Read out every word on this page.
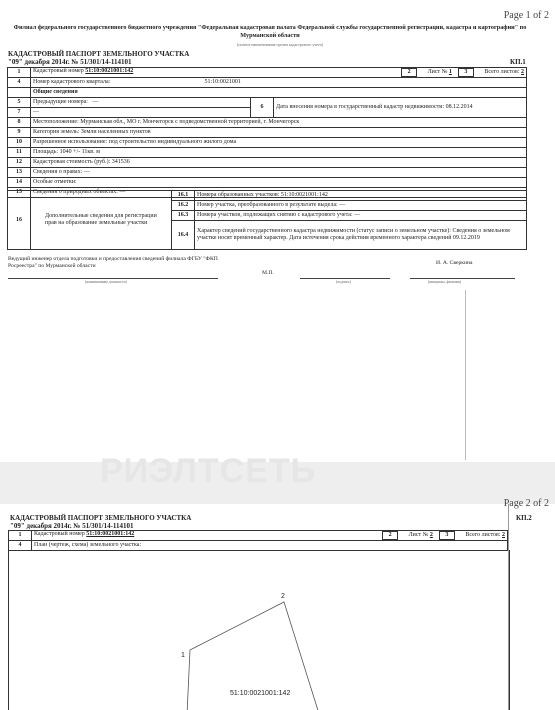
Page 1 of 2
Филиал федерального государственного бюджетного учреждения "Федеральная кадастровая палата Федеральной службы государственной регистрации, кадастра и картографии" по Мурманской области
(полное наименование органа кадастрового учета)
КАДАСТРОВЫЙ ПАСПОРТ ЗЕМЕЛЬНОГО УЧАСТКА
"09" декабря 2014г. № 51/301/14-114101	КП.1
1	Кадастровый номер 51:10:0021001:142 2 Лист № 1 3 Всего листов: 2		

4	Номер кадастрового квартала: 51:10:0021001		
	Общие сведения		
5	Предыдущие номера: —	6	Дата внесения номера в государственный кадастр недвижимости: 08.12.2014
7	—		
8	Местоположение: Мурманская обл., МО г. Мончегорск с подведомственной территорией, г. Мончегорск		
9	Категория земель: Земли населенных пунктов		
10	Разрешенное использование: под строительство индивидуального жилого дома		
11	Площадь: 1040 +/- 11кв. м		
12	Кадастровая стоимость (руб.): 341536		
13	Сведения о правах: —		
14	Особые отметки:		
15	Сведения о природных объектах: —		
16	Дополнительные сведения для регистрации прав на образование земельные участки	16.1	Номера образованных участков: 51:10:0021001:142
		16.2	Номер участка, преобразованного в результате выдела: —
		16.3	Номера участков, подлежащих снятию с кадастрового учета: —
		16.4	Характер сведений государственного кадастра недвижимости (статус записи о земельном участке): Сведения о земельном участке носят временный характер. Дата истечения срока действия временного характера сведений 09.12.2019
Ведущий инженер отдела подготовки и предоставления сведений филиала ФГБУ "ФКП Росреестра" по Мурманской области
(наименование должности)
М.П.
(подпись)
И. А. Сверкина
(инициалы, фамилия)
РИЭЛТСЕТЬ
Page 2 of 2
КАДАСТРОВЫЙ ПАСПОРТ ЗЕМЕЛЬНОГО УЧАСТКА
"09" декабря 2014г. № 51/301/14-114101
КП.2
1	Кадастровый номер 51:10:0021001:142 2 Лист № 2 3 Всего листов: 2

4	План (чертеж, схема) земельного участка:
1
2
51:10:0021001:142
